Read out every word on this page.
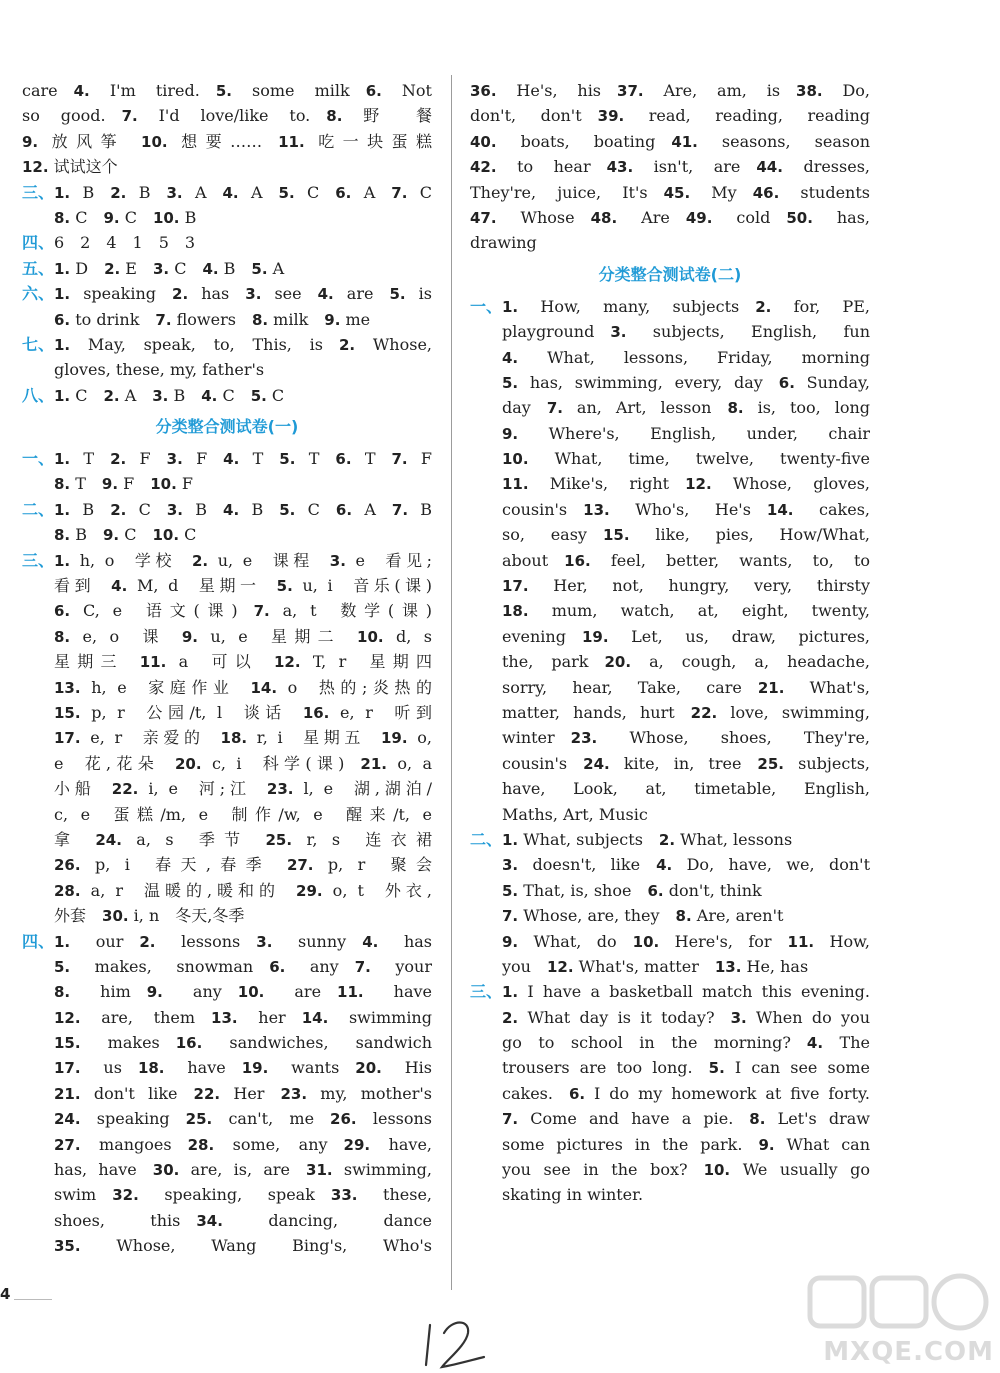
care 4. I'm tired. 5. some milk 6. Not
so good. 7. I'd love/like to. 8. 野 餐
9. 放风筝 10. 想要…… 11. 吃一块蛋糕
12. 试试这个
三、 1. B 2. B 3. A 4. A 5. C 6. A 7. C
8. C 9. C 10. B
四、 6 2 4 1 5 3
五、 1. D 2. E 3. C 4. B 5. A
六、 1. speaking 2. has 3. see 4. are 5. is
6. to drink 7. flowers 8. milk 9. me
七、 1. May, speak, to, This, is 2. Whose,
gloves, these, my, father's
八、 1. C 2. A 3. B 4. C 5. C
分类整合测试卷(一)
一、 1. T 2. F 3. F 4. T 5. T 6. T 7. F
8. T 9. F 10. F
二、 1. B 2. C 3. B 4. B 5. C 6. A 7. B
8. B 9. C 10. C
三、 1. h, o 学校 2. u, e 课程 3. e 看见;
看到 4. M, d 星期一 5. u, i 音乐(课)
6. C, e 语文(课) 7. a, t 数学(课)
8. e, o 课 9. u, e 星期二 10. d, s
星期三 11. a 可以 12. T, r 星期四
13. h, e 家庭作业 14. o 热的;炎热的
15. p, r 公园/t, l 谈话 16. e, r 听到
17. e, r 亲爱的 18. r, i 星期五 19. o,
e 花,花朵 20. c, i 科学(课) 21. o, a
小船 22. i, e 河;江 23. l, e 湖,湖泊/
c, e 蛋糕/m, e 制作/w, e 醒来/t, e
拿 24. a, s 季节 25. r, s 连衣裙
26. p, i 春天,春季 27. p, r 聚会
28. a, r 温暖的,暖和的 29. o, t 外衣,
外套 30. i, n 冬天,冬季
四、 1. our 2. lessons 3. sunny 4. has
5. makes, snowman 6. any 7. your
8. him 9. any 10. are 11. have
12. are, them 13. her 14. swimming
15. makes 16. sandwiches, sandwich
17. us 18. have 19. wants 20. His
21. don't like 22. Her 23. my, mother's
24. speaking 25. can't, me 26. lessons
27. mangoes 28. some, any 29. have,
has, have 30. are, is, are 31. swimming,
swim 32. speaking, speak 33. these,
shoes, this 34. dancing, dance
35. Whose, Wang Bing's, Who's
36. He's, his 37. Are, am, is 38. Do,
don't, don't 39. read, reading, reading
40. boats, boating 41. seasons, season
42. to hear 43. isn't, are 44. dresses,
They're, juice, It's 45. My 46. students
47. Whose 48. Are 49. cold 50. has,
drawing
分类整合测试卷(二)
一、 1. How, many, subjects 2. for, PE,
playground 3. subjects, English, fun
4. What, lessons, Friday, morning
5. has, swimming, every, day 6. Sunday,
day 7. an, Art, lesson 8. is, too, long
9. Where's, English, under, chair
10. What, time, twelve, twenty-five
11. Mike's, right 12. Whose, gloves,
cousin's 13. Who's, He's 14. cakes,
so, easy 15. like, pies, How/What,
about 16. feel, better, wants, to, to
17. Her, not, hungry, very, thirsty
18. mum, watch, at, eight, twenty,
evening 19. Let, us, draw, pictures,
the, park 20. a, cough, a, headache,
sorry, hear, Take, care 21. What's,
matter, hands, hurt 22. love, swimming,
winter 23. Whose, shoes, They're,
cousin's 24. kite, in, tree 25. subjects,
have, Look, at, timetable, English,
Maths, Art, Music
二、 1. What, subjects 2. What, lessons
3. doesn't, like 4. Do, have, we, don't
5. That, is, shoe 6. don't, think
7. Whose, are, they 8. Are, aren't
9. What, do 10. Here's, for 11. How,
you 12. What's, matter 13. He, has
三、 1. I have a basketball match this evening.
2. What day is it today? 3. When do you
go to school in the morning? 4. The
trousers are too long. 5. I can see some
cakes. 6. I do my homework at five forty.
7. Come and have a pie. 8. Let's draw
some pictures in the park. 9. What can
you see in the box? 10. We usually go
skating in winter.
4
MXQE.COM
